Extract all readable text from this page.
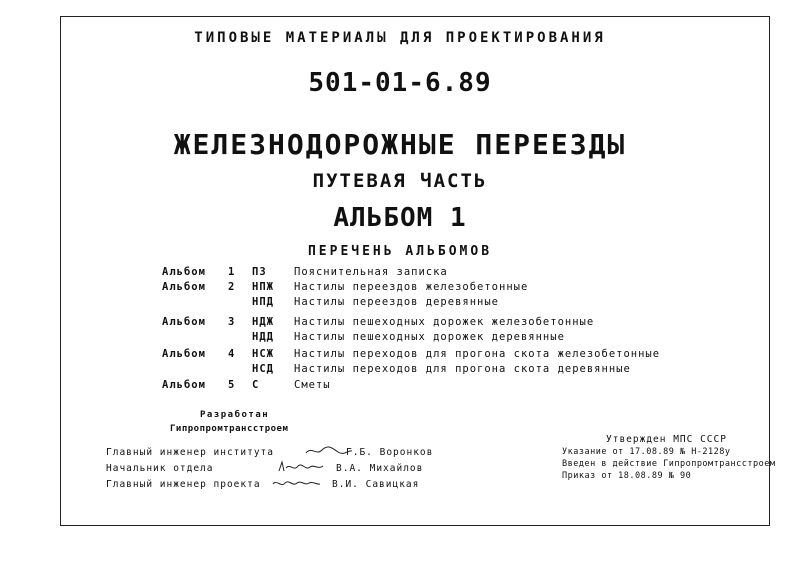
ТИПОВЫЕ МАТЕРИАЛЫ ДЛЯ ПРОЕКТИРОВАНИЯ
501-01-6.89
ЖЕЛЕЗНОДОРОЖНЫЕ ПЕРЕЕЗДЫ
ПУТЕВАЯ ЧАСТЬ
АЛЬБОМ 1
ПЕРЕЧЕНЬ АЛЬБОМОВ
Альбом	1 ПЗ	Пояснительная записка
Альбом	2 НПЖ	Настилы переездов железобетонные
НПД	Настилы переездов деревянные
Альбом	3 НДЖ	Настилы пешеходных дорожек железобетонные
НДД	Настилы пешеходных дорожек деревянные
Альбом	4 НСЖ	Настилы переходов для прогона скота железобетонные
НСД	Настилы переходов для прогона скота деревянные
Альбом	5 С	Сметы
Разработан
Гипропромтрансстроем
Главный инженер института	Г.Б. Воронков
Начальник отдела	В.А. Михайлов
Главный инженер проекта	В.И. Савицкая
Утвержден МПС СССР
Указание от 17.08.89 № Н-2128у
Введен в действие Гипропромтрансстроем
Приказ от 18.08.89 № 90
